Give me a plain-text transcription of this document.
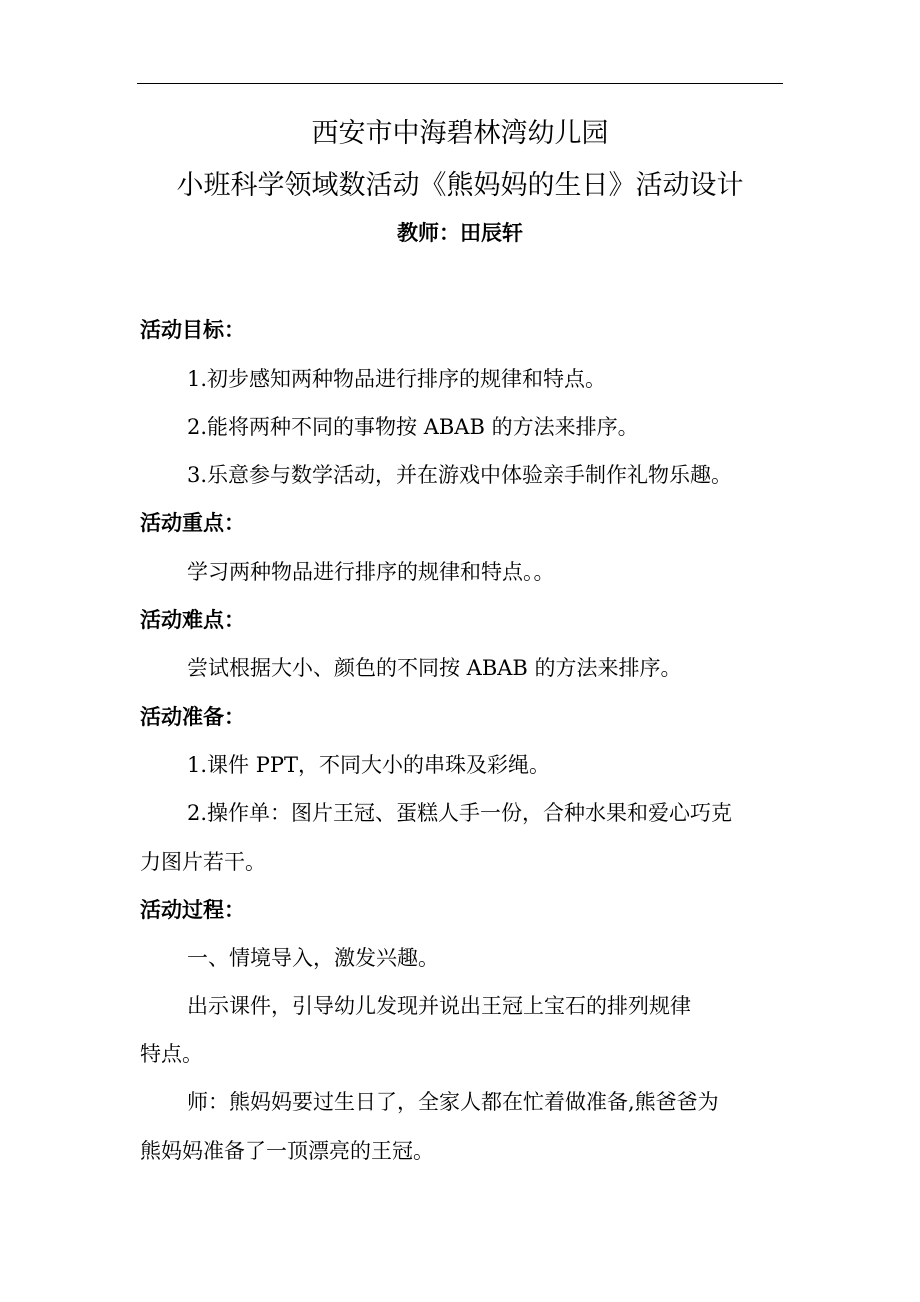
西安市中海碧林湾幼儿园
小班科学领域数活动《熊妈妈的生日》活动设计
教师：田辰轩
活动目标：
1.初步感知两种物品进行排序的规律和特点。
2.能将两种不同的事物按 ABAB 的方法来排序。
3.乐意参与数学活动，并在游戏中体验亲手制作礼物乐趣。
活动重点：
学习两种物品进行排序的规律和特点。。
活动难点：
尝试根据大小、颜色的不同按 ABAB 的方法来排序。
活动准备：
1.课件 PPT，不同大小的串珠及彩绳。
2.操作单：图片王冠、蛋糕人手一份，合种水果和爱心巧克
力图片若干。
活动过程：
一、情境导入，激发兴趣。
出示课件，引导幼儿发现并说出王冠上宝石的排列规律
特点。
师：熊妈妈要过生日了，全家人都在忙着做准备,熊爸爸为
熊妈妈准备了一顶漂亮的王冠。
